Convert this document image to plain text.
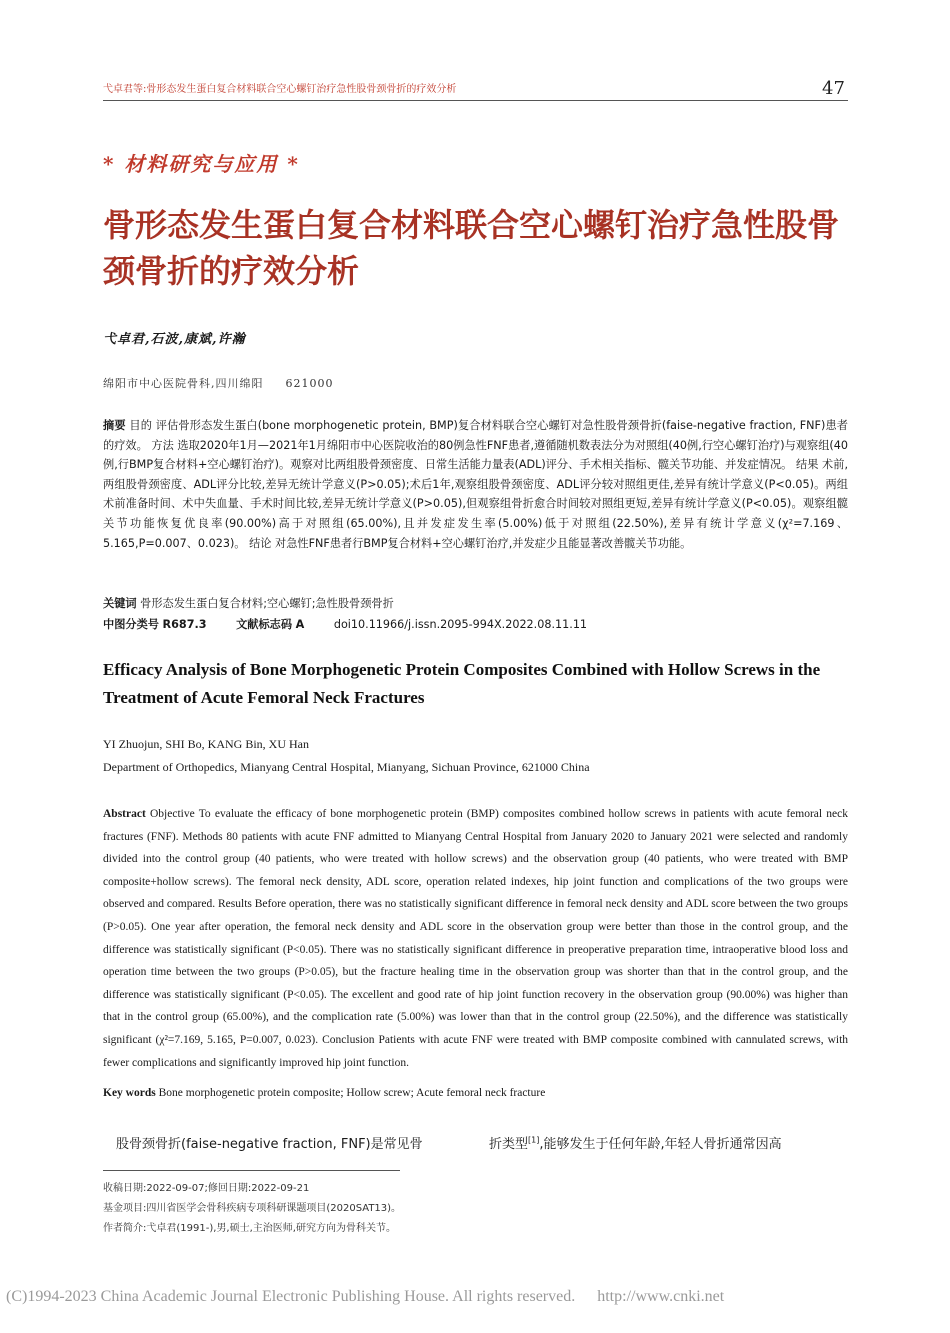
弋卓君等:骨形态发生蛋白复合材料联合空心螺钉治疗急性股骨颈骨折的疗效分析	47
* 材料研究与应用 *
骨形态发生蛋白复合材料联合空心螺钉治疗急性股骨颈骨折的疗效分析
弋卓君,石波,康斌,许瀚
绵阳市中心医院骨科,四川绵阳 621000
摘要 目的 评估骨形态发生蛋白(bone morphogenetic protein, BMP)复合材料联合空心螺钉对急性股骨颈骨折(faise-negative fraction, FNF)患者的疗效。 方法 选取2020年1月—2021年1月绵阳市中心医院收治的80例急性FNF患者,遵循随机数表法分为对照组(40例,行空心螺钉治疗)与观察组(40例,行BMP复合材料+空心螺钉治疗)。观察对比两组股骨颈密度、日常生活能力量表(ADL)评分、手术相关指标、髋关节功能、并发症情况。 结果 术前,两组股骨颈密度、ADL评分比较,差异无统计学意义(P>0.05);术后1年,观察组股骨颈密度、ADL评分较对照组更佳,差异有统计学意义(P<0.05)。两组术前准备时间、术中失血量、手术时间比较,差异无统计学意义(P>0.05),但观察组骨折愈合时间较对照组更短,差异有统计学意义(P<0.05)。观察组髋关节功能恢复优良率(90.00%)高于对照组(65.00%),且并发症发生率(5.00%)低于对照组(22.50%),差异有统计学意义(χ²=7.169、5.165,P=0.007、0.023)。 结论 对急性FNF患者行BMP复合材料+空心螺钉治疗,并发症少且能显著改善髋关节功能。
关键词 骨形态发生蛋白复合材料;空心螺钉;急性股骨颈骨折
中图分类号 R687.3	文献标志码 A	doi10.11966/j.issn.2095-994X.2022.08.11.11
Efficacy Analysis of Bone Morphogenetic Protein Composites Combined with Hollow Screws in the Treatment of Acute Femoral Neck Fractures
YI Zhuojun, SHI Bo, KANG Bin, XU Han
Department of Orthopedics, Mianyang Central Hospital, Mianyang, Sichuan Province, 621000 China
Abstract Objective To evaluate the efficacy of bone morphogenetic protein (BMP) composites combined hollow screws in patients with acute femoral neck fractures (FNF). Methods 80 patients with acute FNF admitted to Mianyang Central Hospital from January 2020 to January 2021 were selected and randomly divided into the control group (40 patients, who were treated with hollow screws) and the observation group (40 patients, who were treated with BMP composite+hollow screws). The femoral neck density, ADL score, operation related indexes, hip joint function and complications of the two groups were observed and compared. Results Before operation, there was no statistically significant difference in femoral neck density and ADL score between the two groups (P>0.05). One year after operation, the femoral neck density and ADL score in the observation group were better than those in the control group, and the difference was statistically significant (P<0.05). There was no statistically significant difference in preoperative preparation time, intraoperative blood loss and operation time between the two groups (P>0.05), but the fracture healing time in the observation group was shorter than that in the control group, and the difference was statistically significant (P<0.05). The excellent and good rate of hip joint function recovery in the observation group (90.00%) was higher than that in the control group (65.00%), and the complication rate (5.00%) was lower than that in the control group (22.50%), and the difference was statistically significant (χ²=7.169, 5.165, P=0.007, 0.023). Conclusion Patients with acute FNF were treated with BMP composite combined with cannulated screws, with fewer complications and significantly improved hip joint function.
Key words Bone morphogenetic protein composite; Hollow screw; Acute femoral neck fracture
股骨颈骨折(faise-negative fraction, FNF)是常见骨	折类型[1],能够发生于任何年龄,年轻人骨折通常因高
收稿日期:2022-09-07;修回日期:2022-09-21
基金项目:四川省医学会骨科疾病专项科研课题项目(2020SAT13)。
作者简介:弋卓君(1991-),男,硕士,主治医师,研究方向为骨科关节。
(C)1994-2023 China Academic Journal Electronic Publishing House. All rights reserved. http://www.cnki.net
